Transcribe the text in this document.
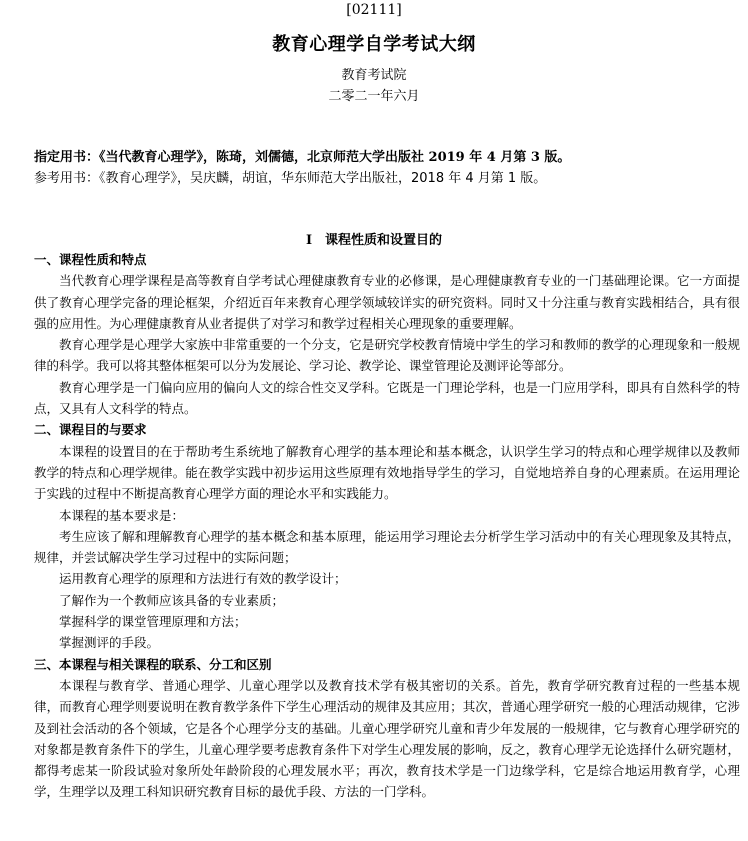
[02111]
教育心理学自学考试大纲
教育考试院
二零二一年六月
指定用书：《当代教育心理学》，陈琦，刘儒德，北京师范大学出版社 2019 年 4 月第 3 版。
参考用书：《教育心理学》，吴庆麟，胡谊，华东师范大学出版社，2018 年 4 月第 1 版。
I　课程性质和设置目的

一、课程性质和特点

当代教育心理学课程是高等教育自学考试心理健康教育专业的必修课，是心理健康教育专业的一门基础理论课。它一方面提供了教育心理学完备的理论框架，介绍近百年来教育心理学领域较详实的研究资料。同时又十分注重与教育实践相结合，具有很强的应用性。为心理健康教育从业者提供了对学习和教学过程相关心理现象的重要理解。

教育心理学是心理学大家族中非常重要的一个分支，它是研究学校教育情境中学生的学习和教师的教学的心理现象和一般规律的科学。我可以将其整体框架可以分为发展论、学习论、教学论、课堂管理论及测评论等部分。

教育心理学是一门偏向应用的偏向人文的综合性交叉学科。它既是一门理论学科，也是一门应用学科，即具有自然科学的特点，又具有人文科学的特点。

二、课程目的与要求

本课程的设置目的在于帮助考生系统地了解教育心理学的基本理论和基本概念，认识学生学习的特点和心理学规律以及教师教学的特点和心理学规律。能在教学实践中初步运用这些原理有效地指导学生的学习，自觉地培养自身的心理素质。在运用理论于实践的过程中不断提高教育心理学方面的理论水平和实践能力。

本课程的基本要求是：

考生应该了解和理解教育心理学的基本概念和基本原理，能运用学习理论去分析学生学习活动中的有关心理现象及其特点，规律，并尝试解决学生学习过程中的实际问题；

运用教育心理学的原理和方法进行有效的教学设计；

了解作为一个教师应该具备的专业素质；

掌握科学的课堂管理原理和方法；

掌握测评的手段。

三、本课程与相关课程的联系、分工和区别

本课程与教育学、普通心理学、儿童心理学以及教育技术学有极其密切的关系。首先，教育学研究教育过程的一些基本规律，而教育心理学则要说明在教育教学条件下学生心理活动的规律及其应用；其次，普通心理学研究一般的心理活动规律，它涉及到社会活动的各个领域，它是各个心理学分支的基础。儿童心理学研究儿童和青少年发展的一般规律，它与教育心理学研究的对象都是教育条件下的学生，儿童心理学要考虑教育条件下对学生心理发展的影响，反之，教育心理学无论选择什么研究题材，都得考虑某一阶段试验对象所处年龄阶段的心理发展水平；再次，教育技术学是一门边缘学科，它是综合地运用教育学，心理学，生理学以及理工科知识研究教育目标的最优手段、方法的一门学科。
